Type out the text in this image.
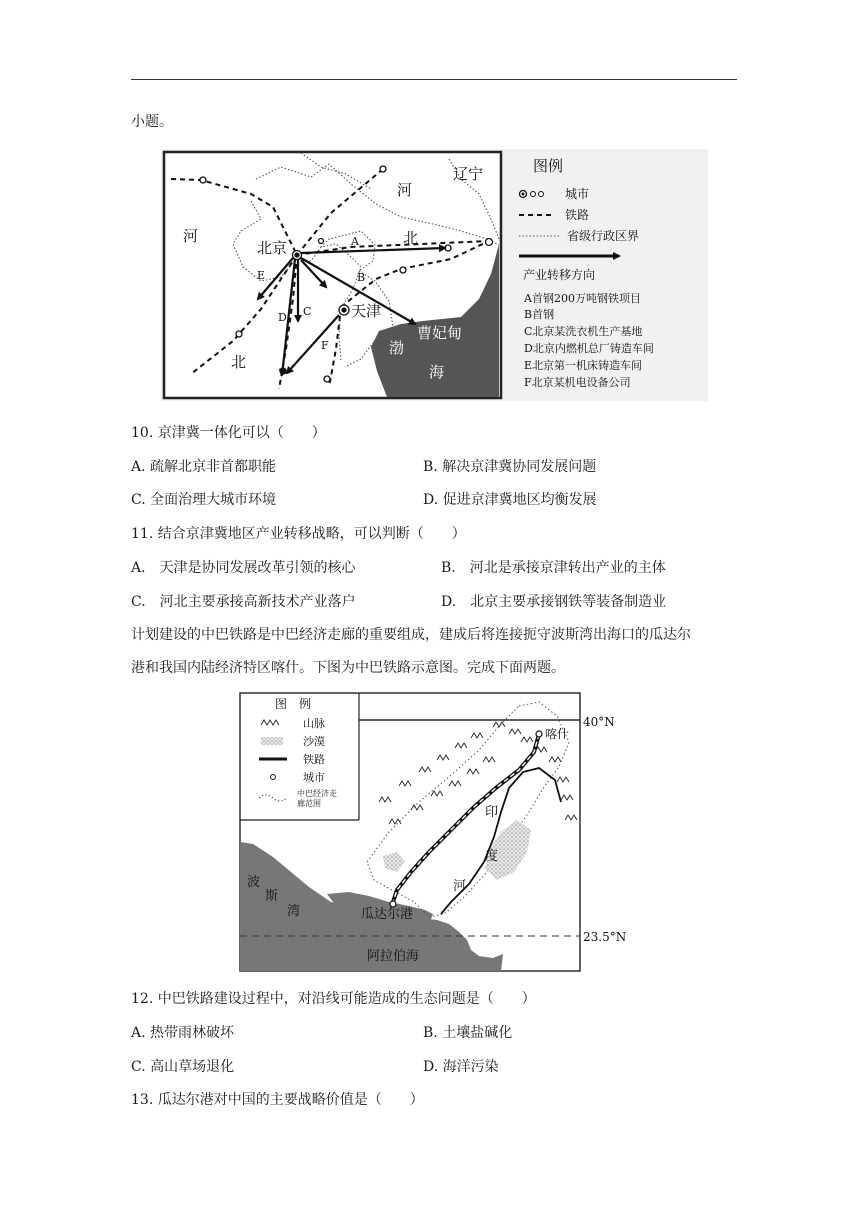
小题。
河
河
北
北
辽宁
北京
天津
曹妃甸
渤
海
A
B
C
D
E
F
图例
城市
铁路
省级行政区界
产业转移方向
A首钢200万吨钢铁项目
B首钢
C北京某洗衣机生产基地
D北京内燃机总厂铸造车间
E北京第一机床铸造车间
F北京某机电设备公司
10. 京津冀一体化可以（　　）
A. 疏解北京非首都职能	B. 解决京津冀协同发展问题
C. 全面治理大城市环境	D. 促进京津冀地区均衡发展
11. 结合京津冀地区产业转移战略，可以判断（　　）
A.　天津是协同发展改革引领的核心	B.　河北是承接京津转出产业的主体
C.　河北主要承接高新技术产业落户	D.　北京主要承接钢铁等装备制造业
计划建设的中巴铁路是中巴经济走廊的重要组成，建成后将连接扼守波斯湾出海口的瓜达尔
港和我国内陆经济特区喀什。下图为中巴铁路示意图。完成下面两题。
40°N
23.5°N
喀什
印
度
河
波
斯
湾	瓜达尔港
阿拉伯海
图　例
山脉
沙漠
铁路
城市
中巴经济走廊范围
12. 中巴铁路建设过程中，对沿线可能造成的生态问题是（　　）
A. 热带雨林破坏	B. 土壤盐碱化
C. 高山草场退化	D. 海洋污染
13. 瓜达尔港对中国的主要战略价值是（　　）
